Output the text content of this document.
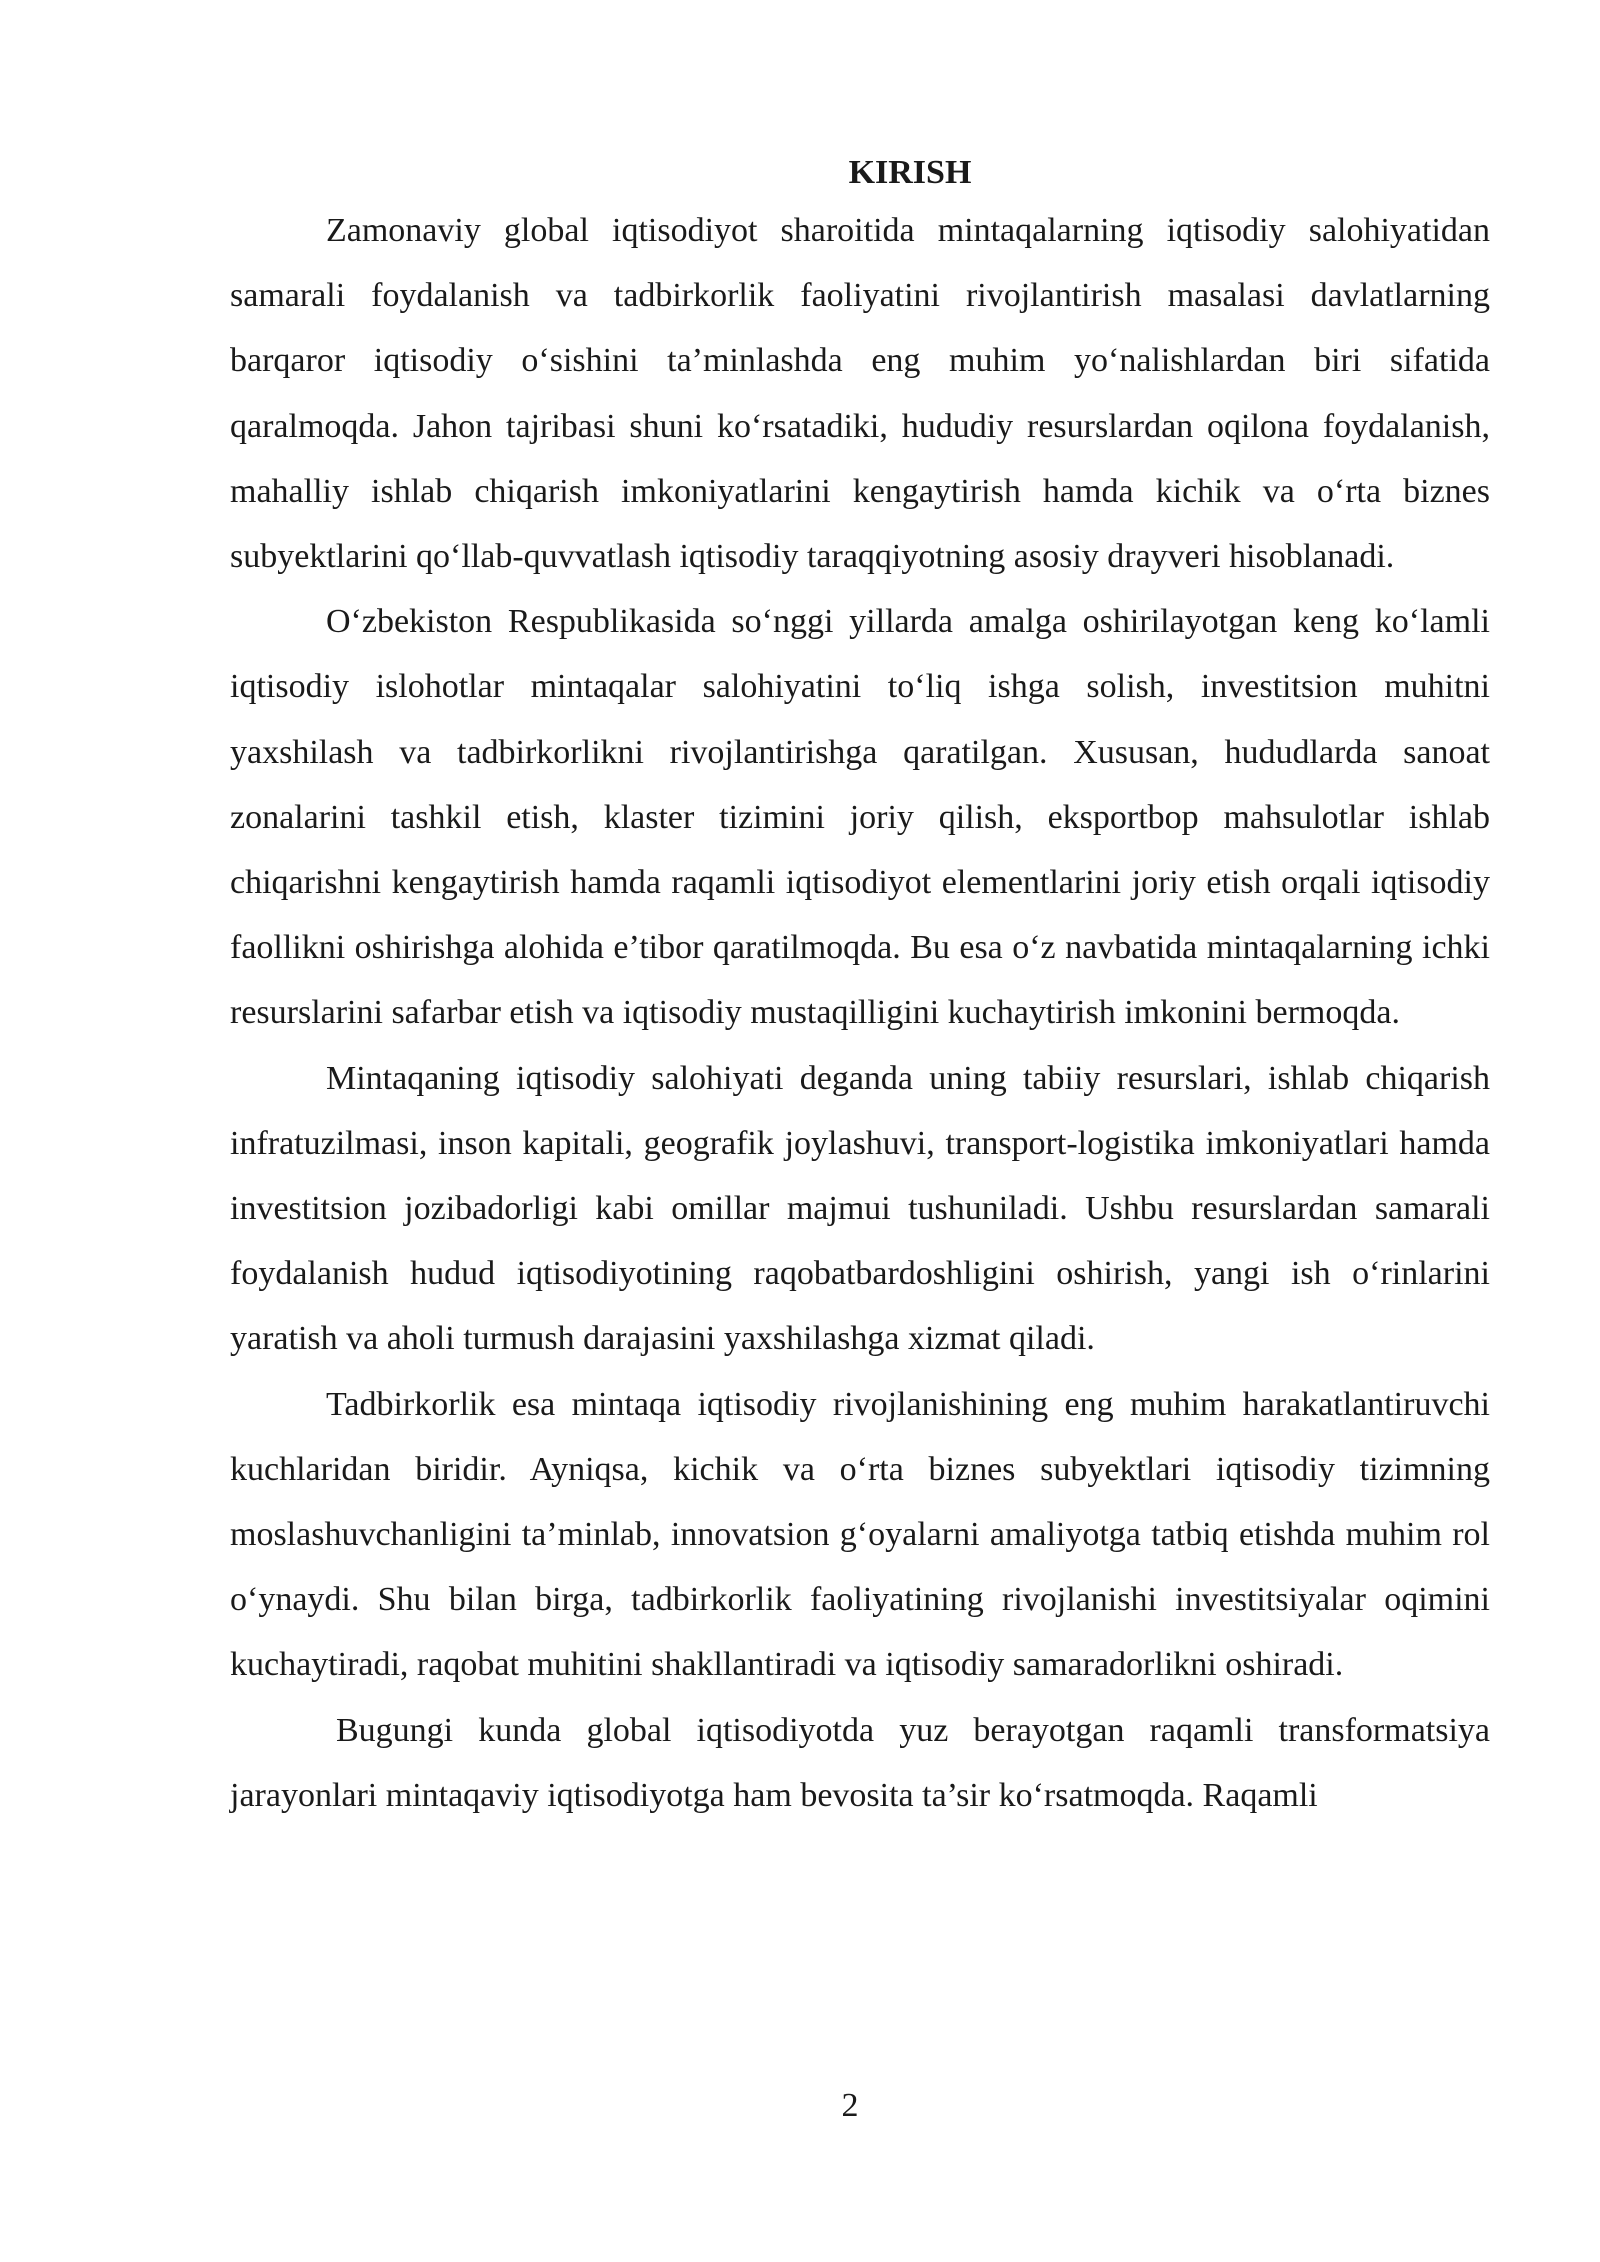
KIRISH

Zamonaviy global iqtisodiyot sharoitida mintaqalarning iqtisodiy salohiyatidan samarali foydalanish va tadbirkorlik faoliyatini rivojlantirish masalasi davlatlarning barqaror iqtisodiy o‘sishini ta’minlashda eng muhim yo‘nalishlardan biri sifatida qaralmoqda. Jahon tajribasi shuni ko‘rsatadiki, hududiy resurslardan oqilona foydalanish, mahalliy ishlab chiqarish imkoniyatlarini kengaytirish hamda kichik va o‘rta biznes subyektlarini qo‘llab-quvvatlash iqtisodiy taraqqiyotning asosiy drayveri hisoblanadi.

O‘zbekiston Respublikasida so‘nggi yillarda amalga oshirilayotgan keng ko‘lamli iqtisodiy islohotlar mintaqalar salohiyatini to‘liq ishga solish, investitsion muhitni yaxshilash va tadbirkorlikni rivojlantirishga qaratilgan. Xususan, hududlarda sanoat zonalarini tashkil etish, klaster tizimini joriy qilish, eksportbop mahsulotlar ishlab chiqarishni kengaytirish hamda raqamli iqtisodiyot elementlarini joriy etish orqali iqtisodiy faollikni oshirishga alohida e’tibor qaratilmoqda. Bu esa o‘z navbatida mintaqalarning ichki resurslarini safarbar etish va iqtisodiy mustaqilligini kuchaytirish imkonini bermoqda.

Mintaqaning iqtisodiy salohiyati deganda uning tabiiy resurslari, ishlab chiqarish infratuzilmasi, inson kapitali, geografik joylashuvi, transport-logistika imkoniyatlari hamda investitsion jozibadorligi kabi omillar majmui tushuniladi. Ushbu resurslardan samarali foydalanish hudud iqtisodiyotining raqobatbardoshligini oshirish, yangi ish o‘rinlarini yaratish va aholi turmush darajasini yaxshilashga xizmat qiladi.

Tadbirkorlik esa mintaqa iqtisodiy rivojlanishining eng muhim harakatlantiruvchi kuchlaridan biridir. Ayniqsa, kichik va o‘rta biznes subyektlari iqtisodiy tizimning moslashuvchanligini ta’minlab, innovatsion g‘oyalarni amaliyotga tatbiq etishda muhim rol o‘ynaydi. Shu bilan birga, tadbirkorlik faoliyatining rivojlanishi investitsiyalar oqimini kuchaytiradi, raqobat muhitini shakllantiradi va iqtisodiy samaradorlikni oshiradi.

Bugungi kunda global iqtisodiyotda yuz berayotgan raqamli transformatsiya jarayonlari mintaqaviy iqtisodiyotga ham bevosita ta’sir ko‘rsatmoqda. Raqamli

2
